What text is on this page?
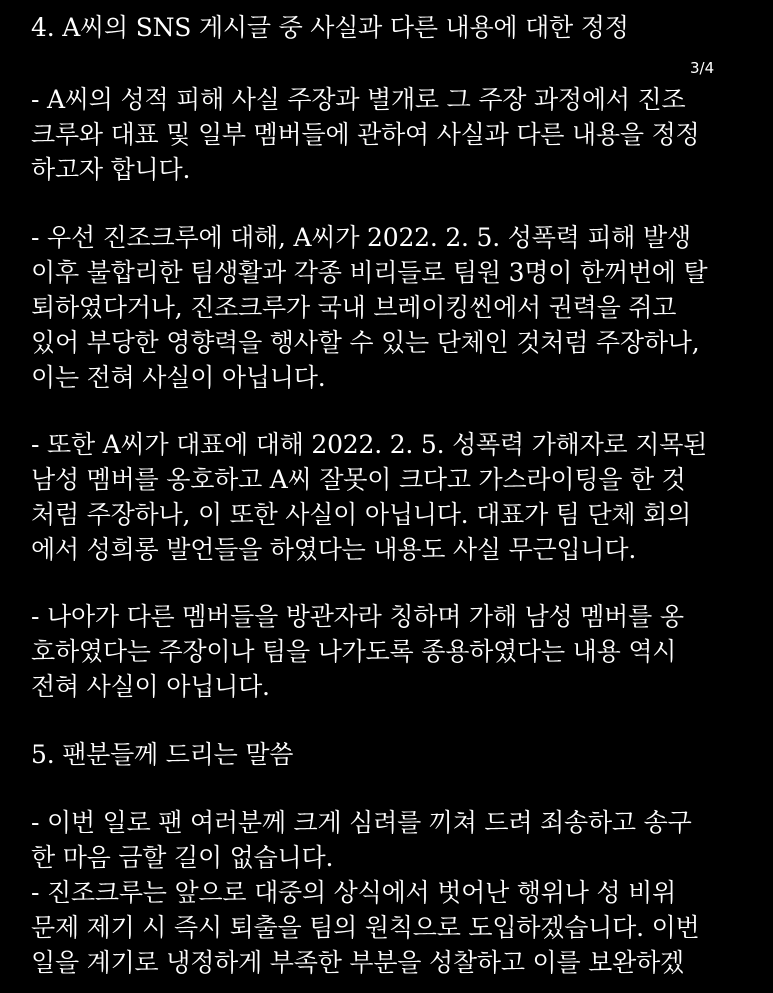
4. A씨의 SNS 게시글 중 사실과 다른 내용에 대한 정정
- A씨의 성적 피해 사실 주장과 별개로 그 주장 과정에서 진조
크루와 대표 및 일부 멤버들에 관하여 사실과 다른 내용을 정정
하고자 합니다.
- 우선 진조크루에 대해, A씨가 2022. 2. 5. 성폭력 피해 발생
이후 불합리한 팀생활과 각종 비리들로 팀원 3명이 한꺼번에 탈
퇴하였다거나, 진조크루가 국내 브레이킹씬에서 권력을 쥐고
있어 부당한 영향력을 행사할 수 있는 단체인 것처럼 주장하나,
이는 전혀 사실이 아닙니다.
- 또한 A씨가 대표에 대해 2022. 2. 5. 성폭력 가해자로 지목된
남성 멤버를 옹호하고 A씨 잘못이 크다고 가스라이팅을 한 것
처럼 주장하나, 이 또한 사실이 아닙니다. 대표가 팀 단체 회의
에서 성희롱 발언들을 하였다는 내용도 사실 무근입니다.
- 나아가 다른 멤버들을 방관자라 칭하며 가해 남성 멤버를 옹
호하였다는 주장이나 팀을 나가도록 종용하였다는 내용 역시
전혀 사실이 아닙니다.
5. 팬분들께 드리는 말씀
- 이번 일로 팬 여러분께 크게 심려를 끼쳐 드려 죄송하고 송구
한 마음 금할 길이 없습니다.
- 진조크루는 앞으로 대중의 상식에서 벗어난 행위나 성 비위
문제 제기 시 즉시 퇴출을 팀의 원칙으로 도입하겠습니다. 이번
일을 계기로 냉정하게 부족한 부분을 성찰하고 이를 보완하겠
3/4
